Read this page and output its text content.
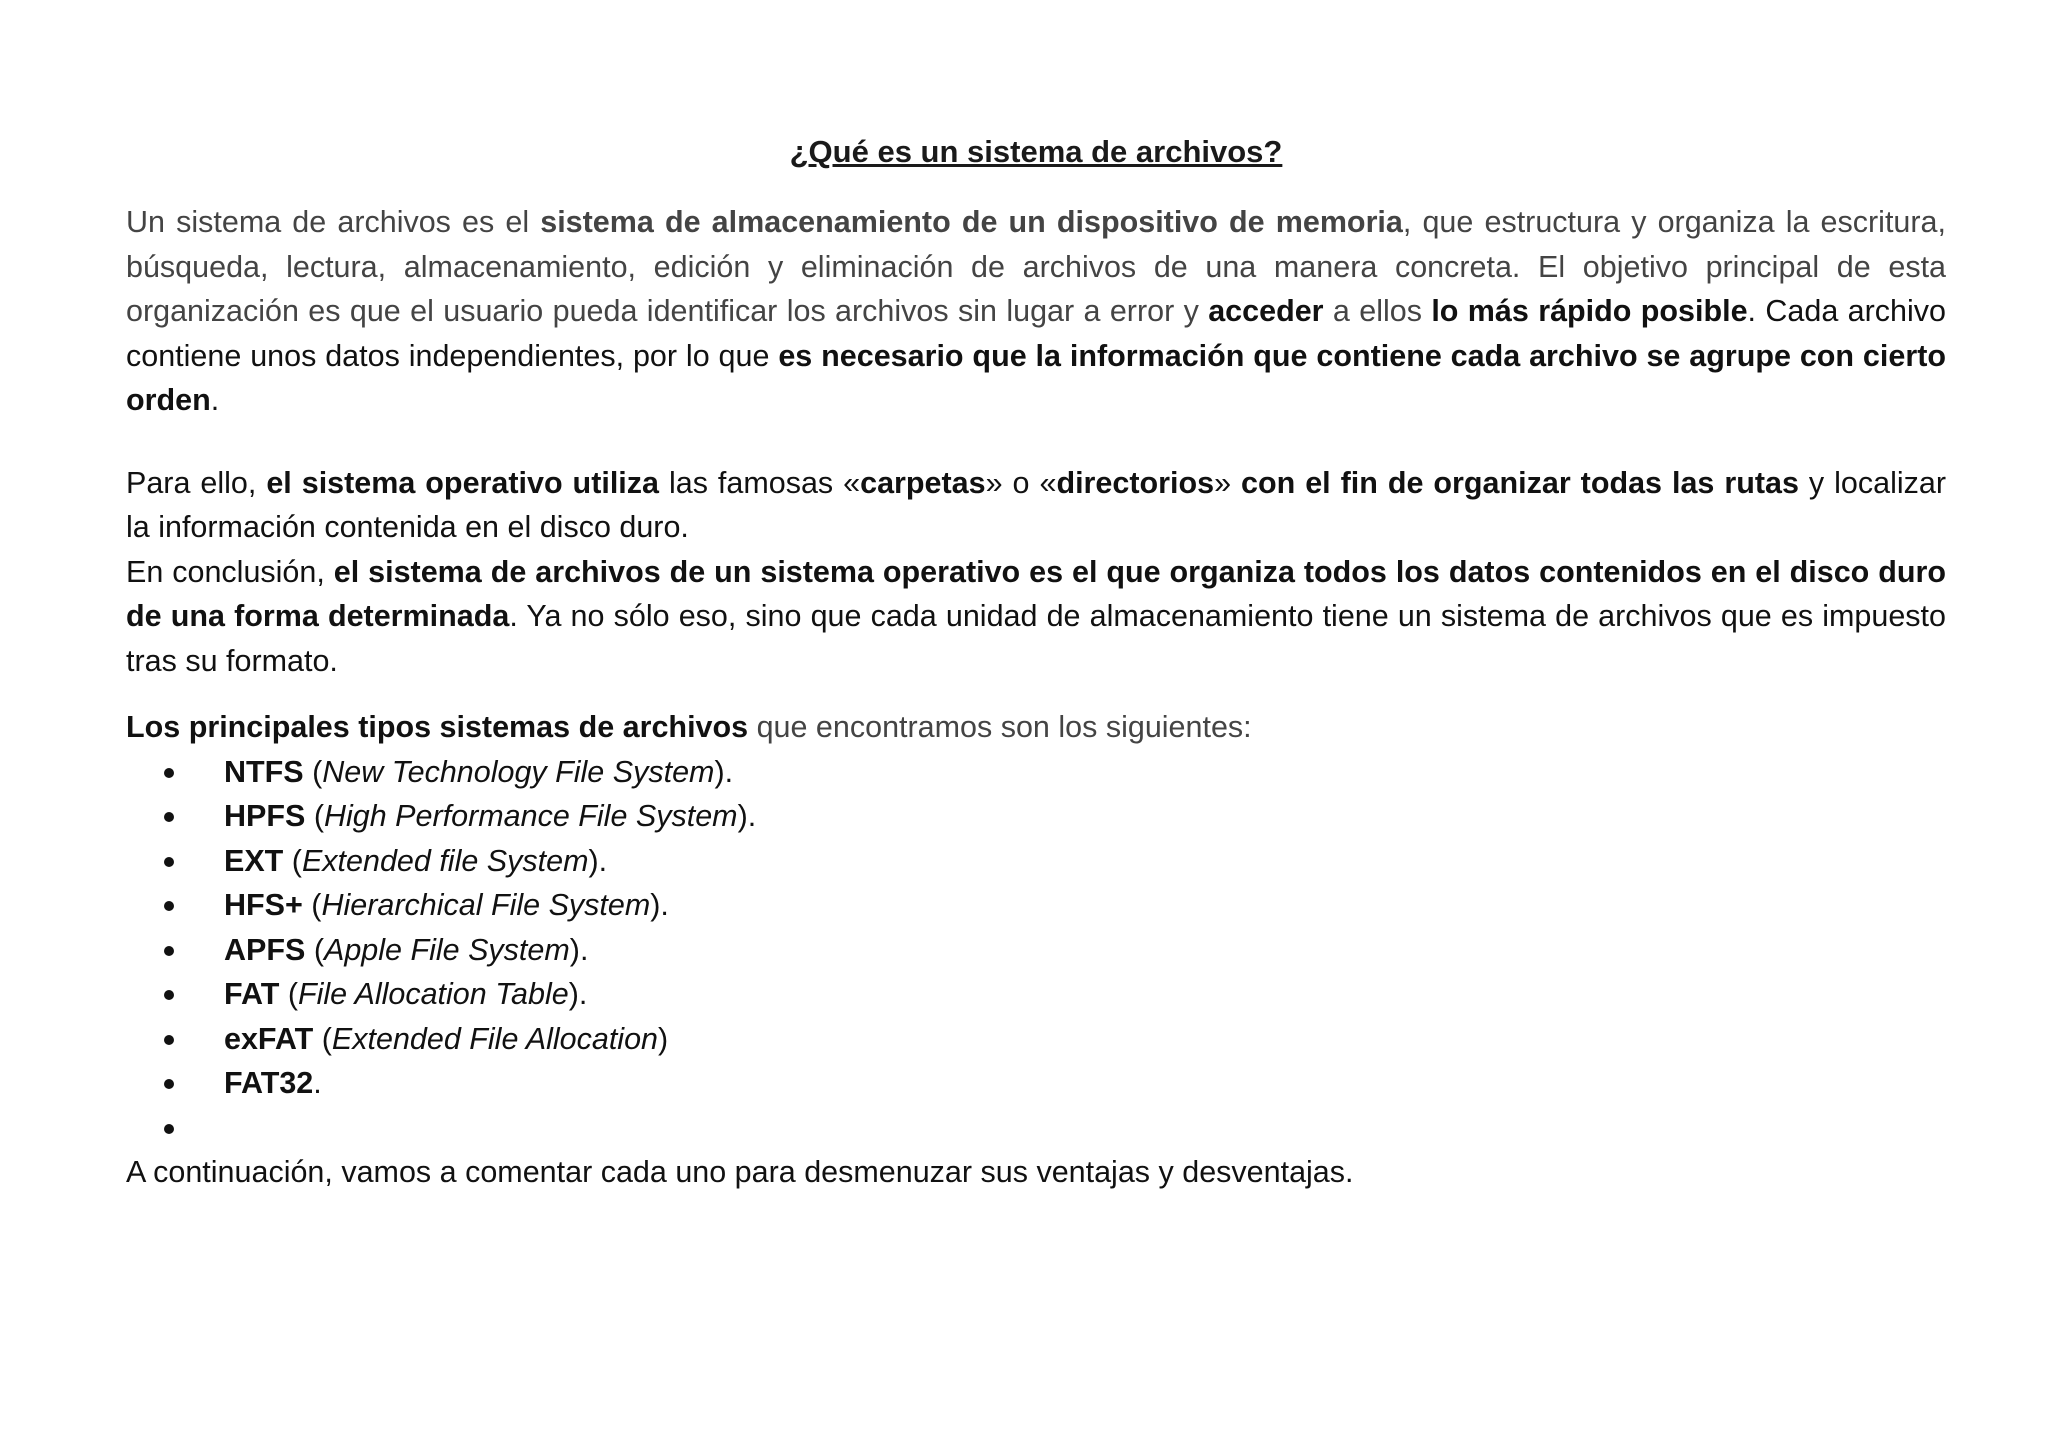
¿Qué es un sistema de archivos?

Un sistema de archivos es el sistema de almacenamiento de un dispositivo de memoria, que estructura y organiza la escritura, búsqueda, lectura, almacenamiento, edición y eliminación de archivos de una manera concreta. El objetivo principal de esta organización es que el usuario pueda identificar los archivos sin lugar a error y acceder a ellos lo más rápido posible. Cada archivo contiene unos datos independientes, por lo que es necesario que la información que contiene cada archivo se agrupe con cierto orden.

Para ello, el sistema operativo utiliza las famosas «carpetas» o «directorios» con el fin de organizar todas las rutas y localizar la información contenida en el disco duro.

En conclusión, el sistema de archivos de un sistema operativo es el que organiza todos los datos contenidos en el disco duro de una forma determinada. Ya no sólo eso, sino que cada unidad de almacenamiento tiene un sistema de archivos que es impuesto tras su formato.

Los principales tipos sistemas de archivos que encontramos son los siguientes:

NTFS (New Technology File System).
HPFS (High Performance File System).
EXT (Extended file System).
HFS+ (Hierarchical File System).
APFS (Apple File System).
FAT (File Allocation Table).
exFAT (Extended File Allocation)
FAT32.

A continuación, vamos a comentar cada uno para desmenuzar sus ventajas y desventajas.
